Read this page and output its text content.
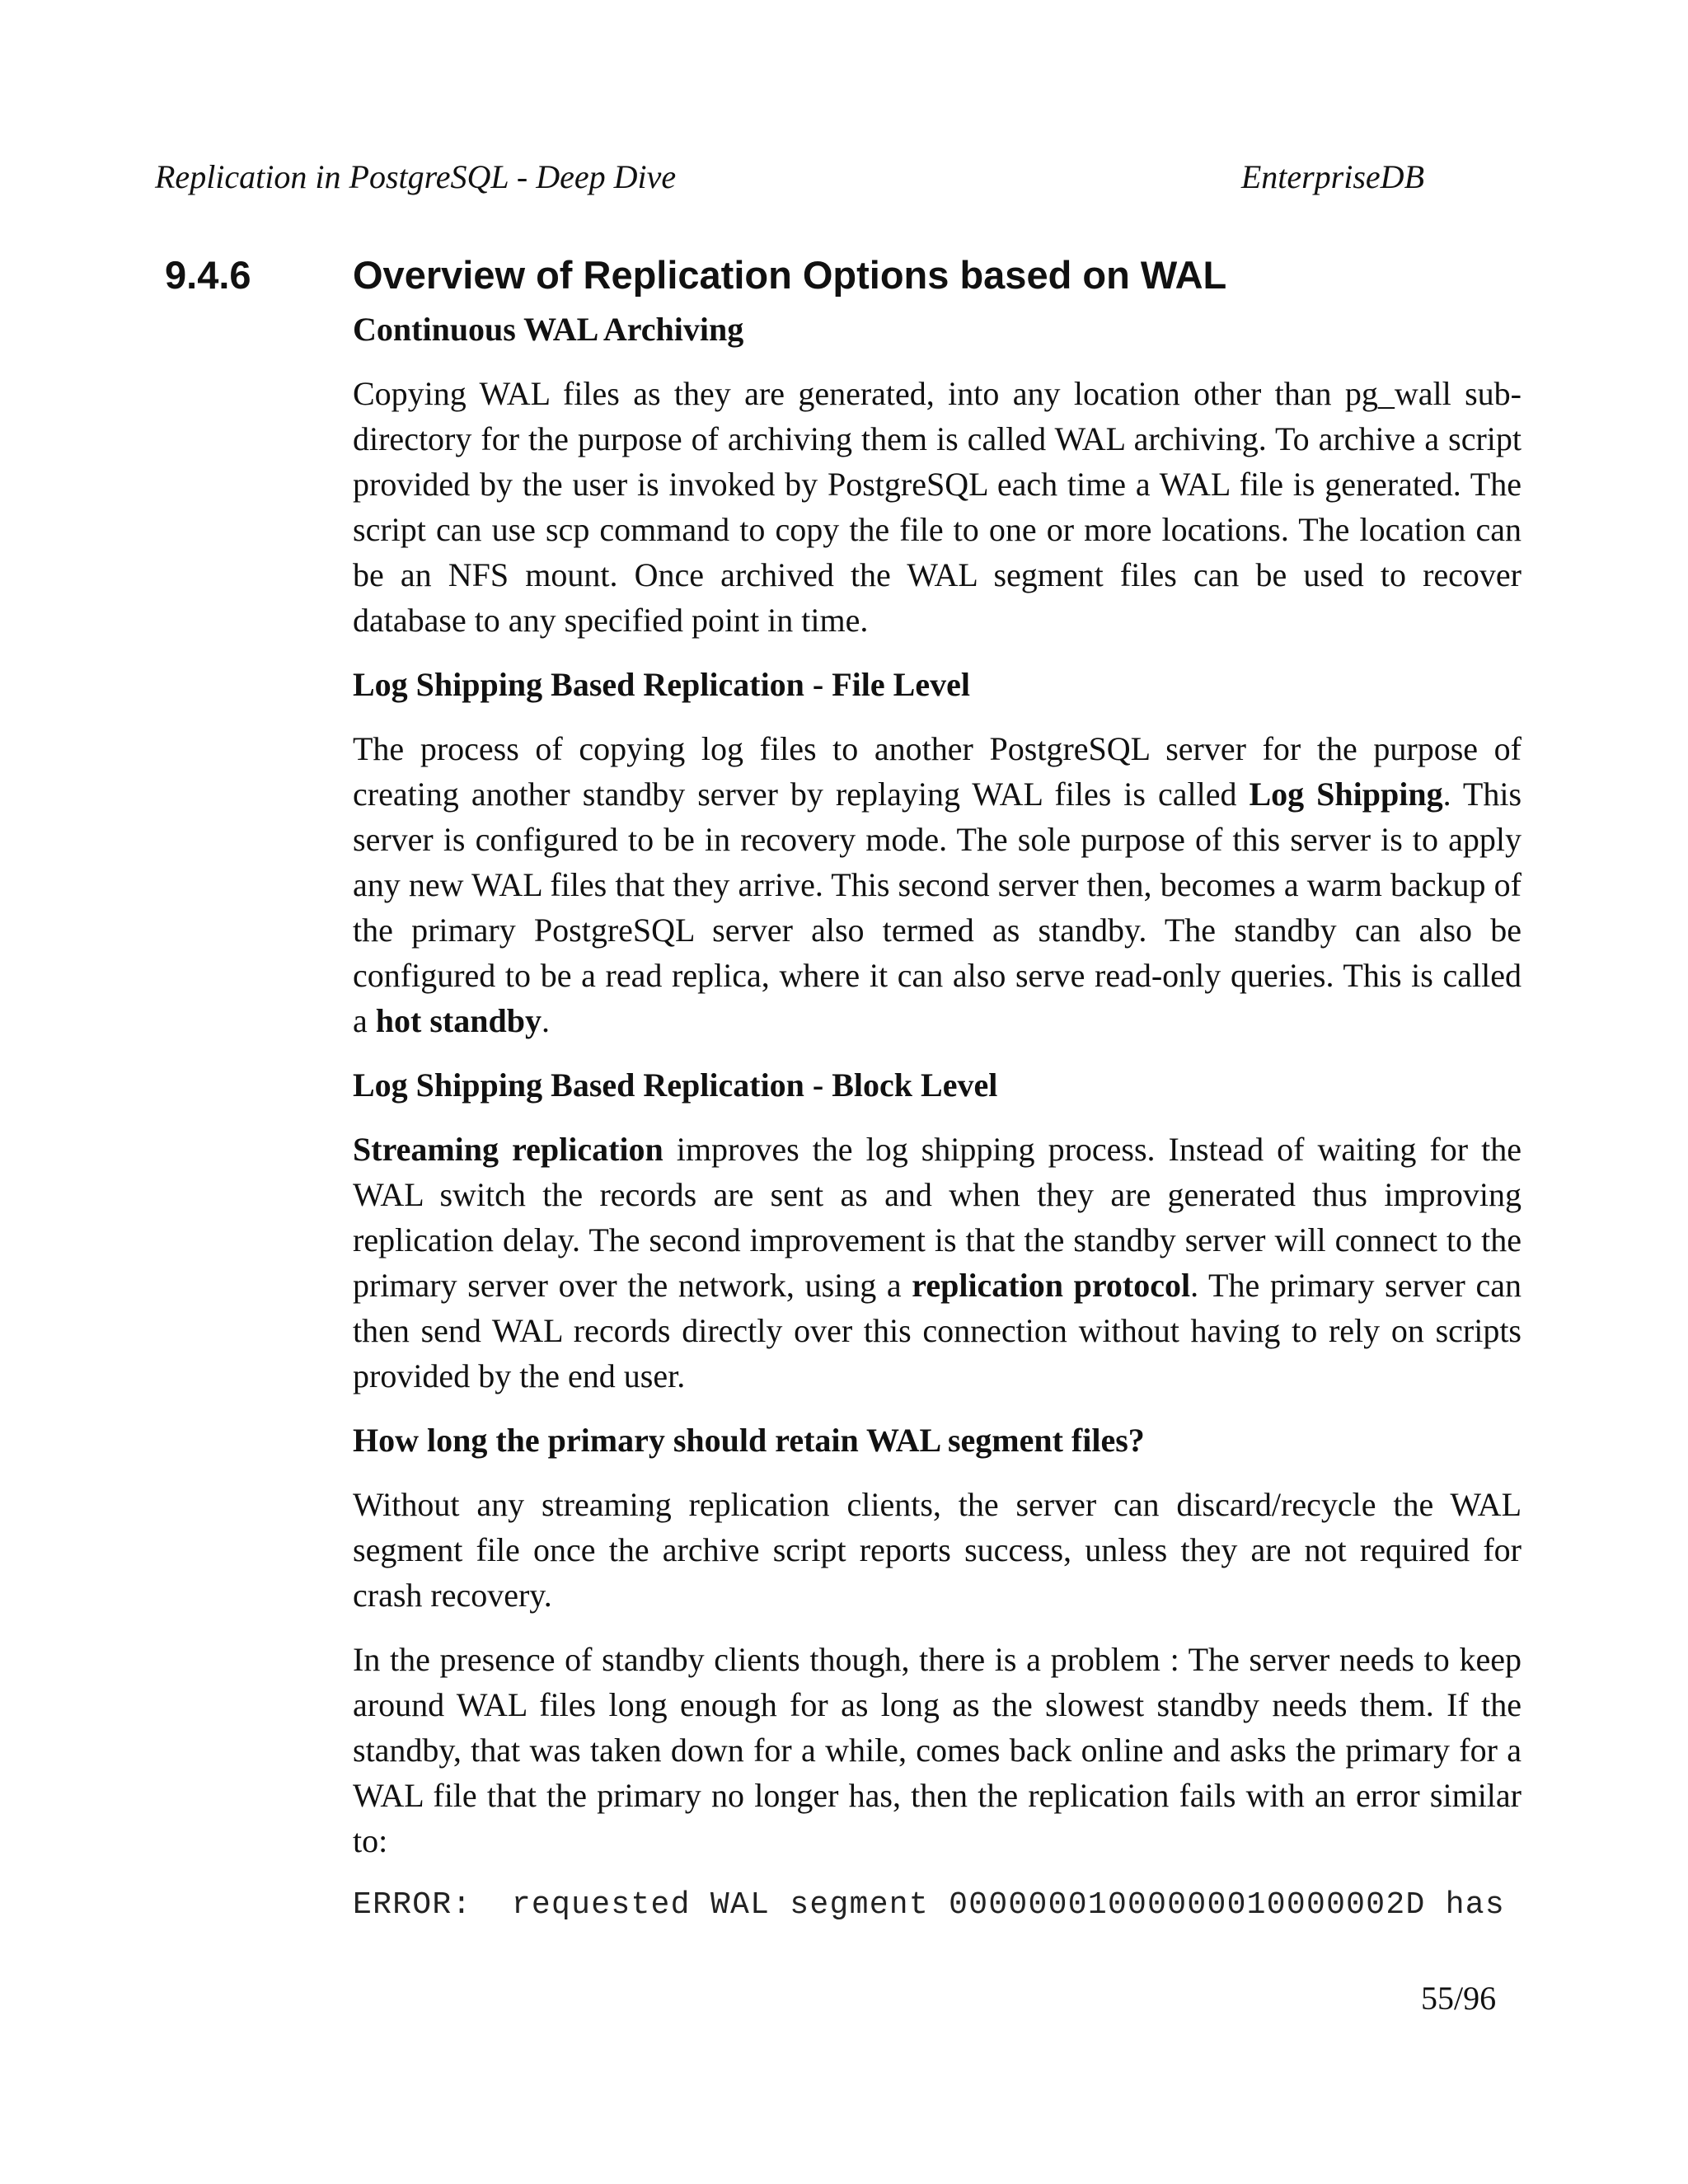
Replication in PostgreSQL - Deep Dive	EnterpriseDB
9.4.6	Overview of Replication Options based on WAL
Continuous WAL Archiving

Copying WAL files as they are generated, into any location other than pg_wall sub-directory for the purpose of archiving them is called WAL archiving. To archive a script provided by the user is invoked by PostgreSQL each time a WAL file is generated. The script can use scp command to copy the file to one or more locations. The location can be an NFS mount. Once archived the WAL segment files can be used to recover database to any specified point in time.

Log Shipping Based Replication - File Level

The process of copying log files to another PostgreSQL server for the purpose of creating another standby server by replaying WAL files is called Log Shipping. This server is configured to be in recovery mode. The sole purpose of this server is to apply any new WAL files that they arrive. This second server then, becomes a warm backup of the primary PostgreSQL server also termed as standby. The standby can also be configured to be a read replica, where it can also serve read-only queries. This is called a hot standby.

Log Shipping Based Replication - Block Level

Streaming replication improves the log shipping process. Instead of waiting for the WAL switch the records are sent as and when they are generated thus improving replication delay. The second improvement is that the standby server will connect to the primary server over the network, using a replication protocol. The primary server can then send WAL records directly over this connection without having to rely on scripts provided by the end user.

How long the primary should retain WAL segment files?

Without any streaming replication clients, the server can discard/recycle the WAL segment file once the archive script reports success, unless they are not required for crash recovery.

In the presence of standby clients though, there is a problem : The server needs to keep around WAL files long enough for as long as the slowest standby needs them. If the standby, that was taken down for a while, comes back online and asks the primary for a WAL file that the primary no longer has, then the replication fails with an error similar to:

ERROR:  requested WAL segment 00000001000000010000002D has
55/96
